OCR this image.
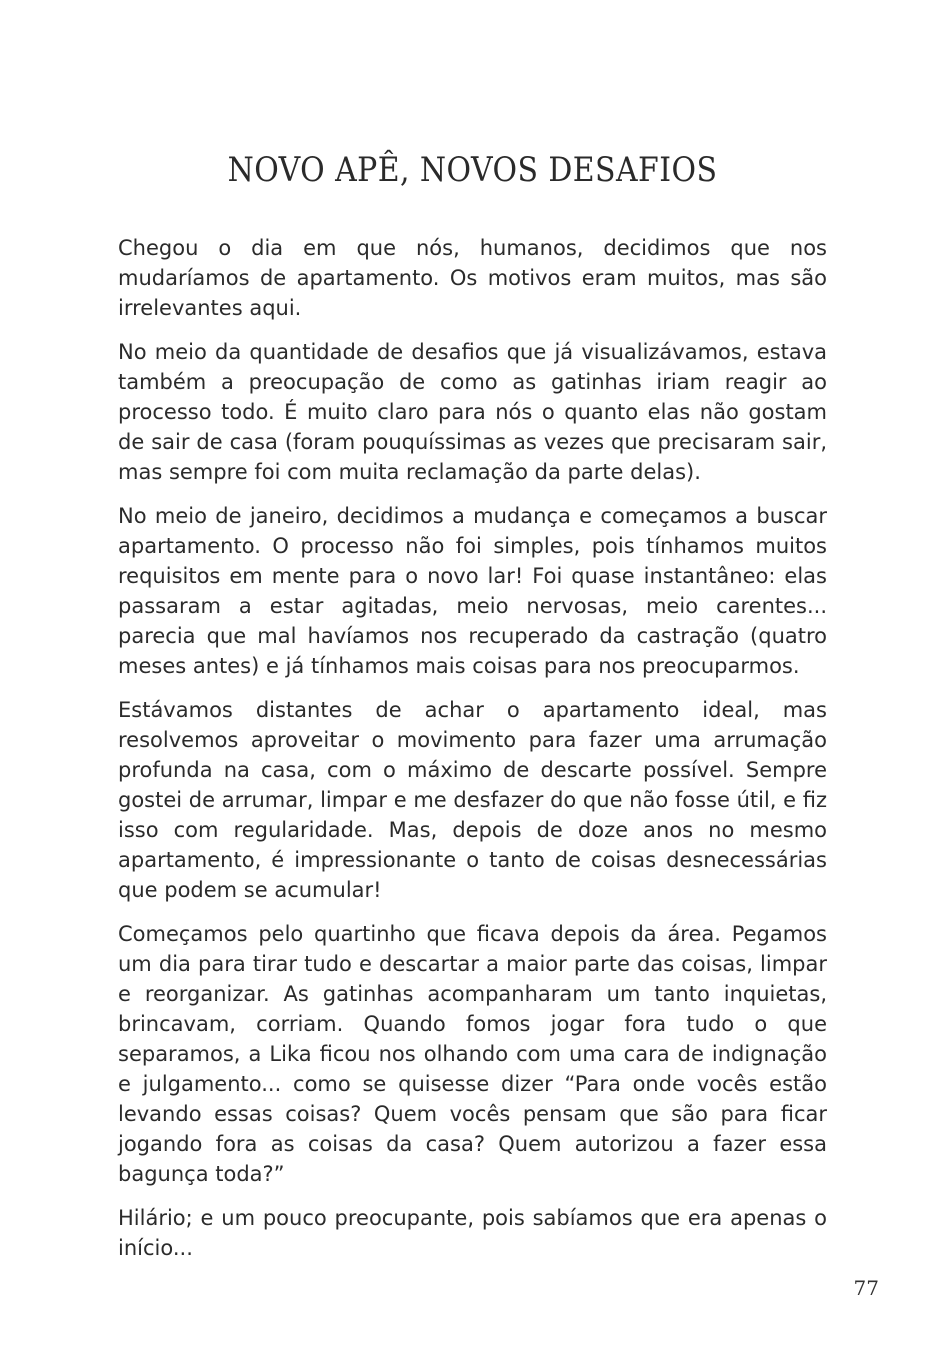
NOVO APÊ, NOVOS DESAFIOS

Chegou o dia em que nós, humanos, decidimos que nos mudaríamos de apartamento. Os motivos eram muitos, mas são irrelevantes aqui.

No meio da quantidade de desafios que já visualizávamos, estava também a preocupação de como as gatinhas iriam reagir ao processo todo. É muito claro para nós o quanto elas não gostam de sair de casa (foram pouquíssimas as vezes que precisaram sair, mas sempre foi com muita reclamação da parte delas).

No meio de janeiro, decidimos a mudança e começamos a buscar apartamento. O processo não foi simples, pois tínhamos muitos requisitos em mente para o novo lar! Foi quase instantâneo: elas passaram a estar agitadas, meio nervosas, meio carentes... parecia que mal havíamos nos recuperado da castração (quatro meses antes) e já tínhamos mais coisas para nos preocuparmos.

Estávamos distantes de achar o apartamento ideal, mas resolvemos aproveitar o movimento para fazer uma arrumação profunda na casa, com o máximo de descarte possível. Sempre gostei de arrumar, limpar e me desfazer do que não fosse útil, e fiz isso com regularidade. Mas, depois de doze anos no mesmo apartamento, é impressionante o tanto de coisas desnecessárias que podem se acumular!

Começamos pelo quartinho que ficava depois da área. Pegamos um dia para tirar tudo e descartar a maior parte das coisas, limpar e reorganizar. As gatinhas acompanharam um tanto inquietas, brincavam, corriam. Quando fomos jogar fora tudo o que separamos, a Lika ficou nos olhando com uma cara de indignação e julgamento... como se quisesse dizer “Para onde vocês estão levando essas coisas? Quem vocês pensam que são para ficar jogando fora as coisas da casa? Quem autorizou a fazer essa bagunça toda?”

Hilário; e um pouco preocupante, pois sabíamos que era apenas o início...

77
